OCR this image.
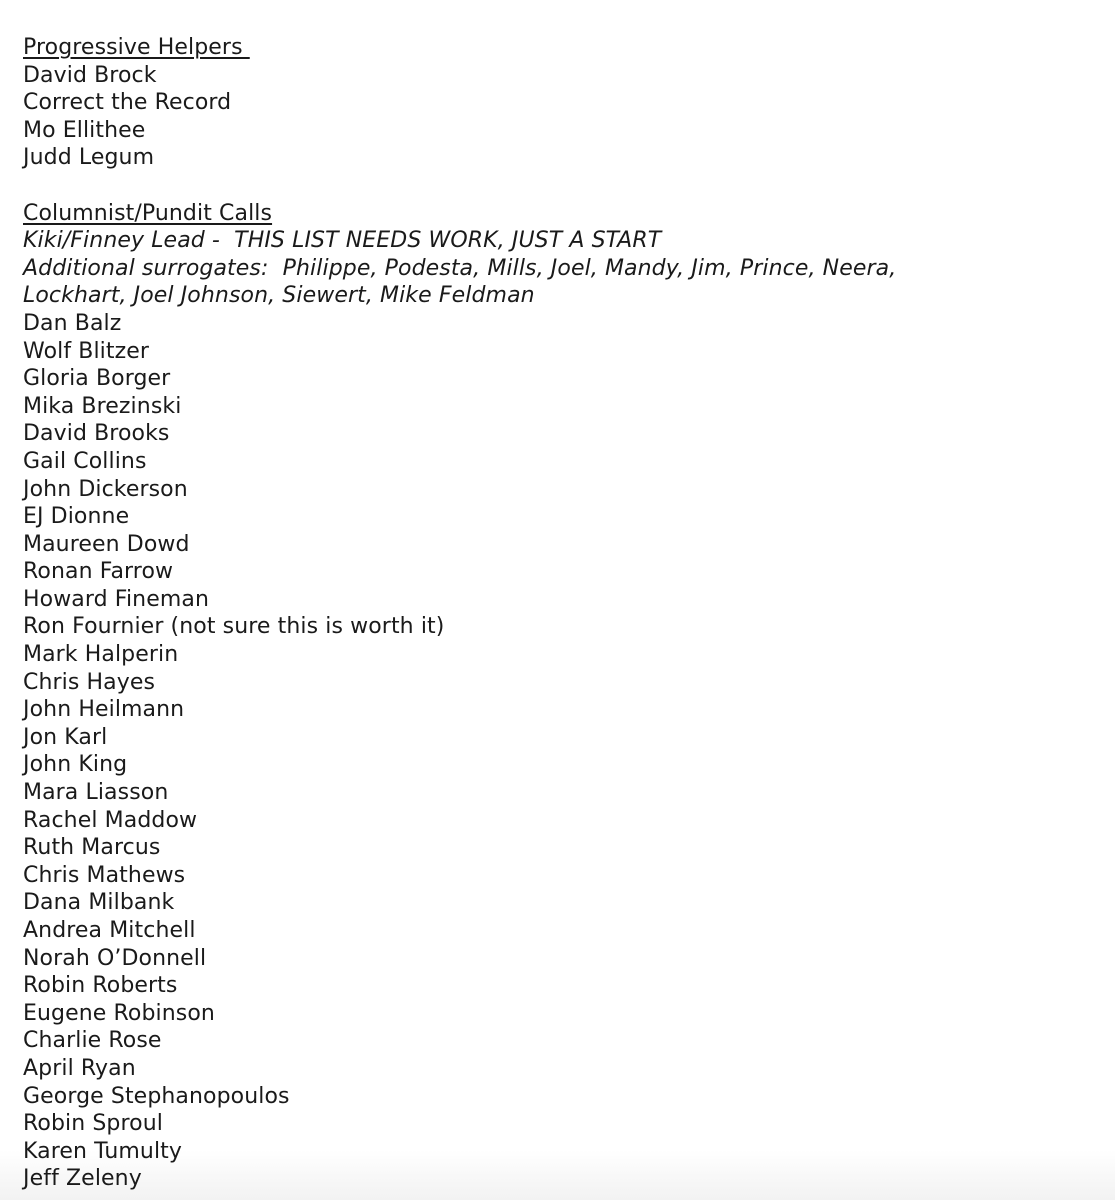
Progressive Helpers
David Brock
Correct the Record
Mo Ellithee
Judd Legum
Columnist/Pundit Calls
Kiki/Finney Lead -  THIS LIST NEEDS WORK, JUST A START
Additional surrogates:  Philippe, Podesta, Mills, Joel, Mandy, Jim, Prince, Neera,
Lockhart, Joel Johnson, Siewert, Mike Feldman
Dan Balz
Wolf Blitzer
Gloria Borger
Mika Brezinski
David Brooks
Gail Collins
John Dickerson
EJ Dionne
Maureen Dowd
Ronan Farrow
Howard Fineman
Ron Fournier (not sure this is worth it)
Mark Halperin
Chris Hayes
John Heilmann
Jon Karl
John King
Mara Liasson
Rachel Maddow
Ruth Marcus
Chris Mathews
Dana Milbank
Andrea Mitchell
Norah O’Donnell
Robin Roberts
Eugene Robinson
Charlie Rose
April Ryan
George Stephanopoulos
Robin Sproul
Karen Tumulty
Jeff Zeleny
